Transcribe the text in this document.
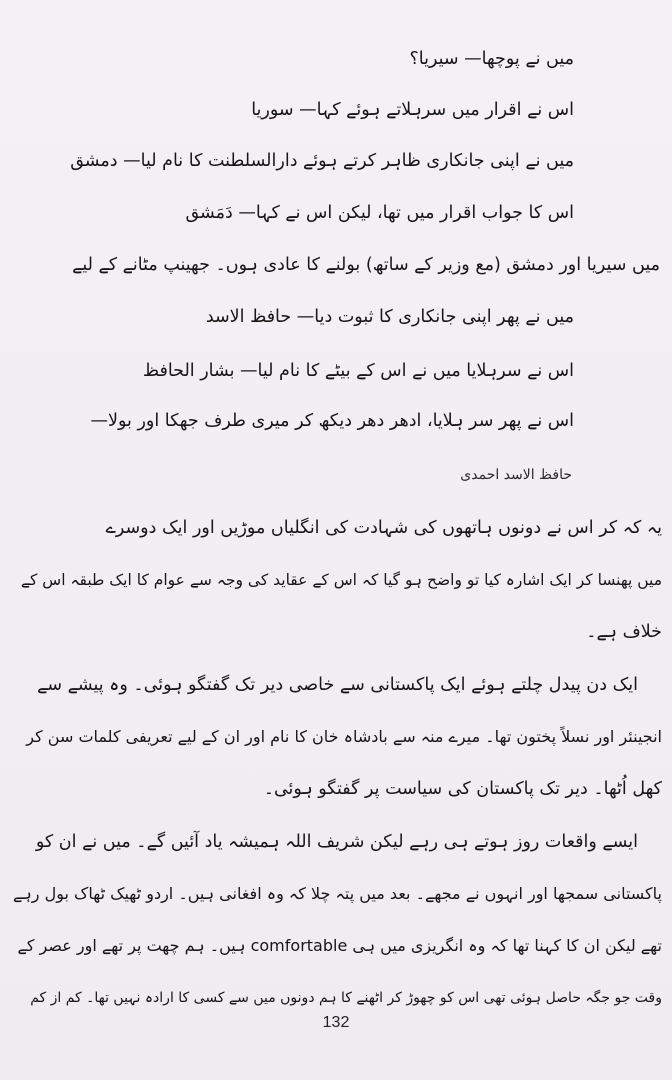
میں نے پوچھا— سیریا؟
اس نے اقرار میں سرہلاتے ہوئے کہا— سوریا
میں نے اپنی جانکاری ظاہر کرتے ہوئے دارالسلطنت کا نام لیا— دمشق
اس کا جواب اقرار میں تھا، لیکن اس نے کہا— دَمَشق
میں سیریا اور دمشق (مع وزیر کے ساتھ) بولنے کا عادی ہوں۔ جھینپ مٹانے کے لیے
میں نے پھر اپنی جانکاری کا ثبوت دیا— حافظ الاسد
اس نے سرہلایا میں نے اس کے بیٹے کا نام لیا— بشار الحافظ
اس نے پھر سر ہلایا، ادھر دھر دیکھ کر میری طرف جھکا اور بولا—
حافظ الاسد احمدی
یہ کہ کر اس نے دونوں ہاتھوں کی شہادت کی انگلیاں موڑیں اور ایک دوسرے
میں پھنسا کر ایک اشارہ کیا تو واضح ہو گیا کہ اس کے عقاید کی وجہ سے عوام کا ایک طبقہ اس کے
خلاف ہے۔
ایک دن پیدل چلتے ہوئے ایک پاکستانی سے خاصی دیر تک گفتگو ہوئی۔ وہ پیشے سے
انجینئر اور نسلاً پختون تھا۔ میرے منہ سے بادشاہ خان کا نام اور ان کے لیے تعریفی کلمات سن کر
کھل اُٹھا۔ دیر تک پاکستان کی سیاست پر گفتگو ہوئی۔
ایسے واقعات روز ہوتے ہی رہے لیکن شریف اللہ ہمیشہ یاد آئیں گے۔ میں نے ان کو
پاکستانی سمجھا اور انہوں نے مجھے۔ بعد میں پتہ چلا کہ وہ افغانی ہیں۔ اردو ٹھیک ٹھاک بول رہے
تھے لیکن ان کا کہنا تھا کہ وہ انگریزی میں ہی comfortable ہیں۔ ہم چھت پر تھے اور عصر کے
وقت جو جگہ حاصل ہوئی تھی اس کو چھوڑ کر اٹھنے کا ہم دونوں میں سے کسی کا ارادہ نہیں تھا۔ کم از کم
132
